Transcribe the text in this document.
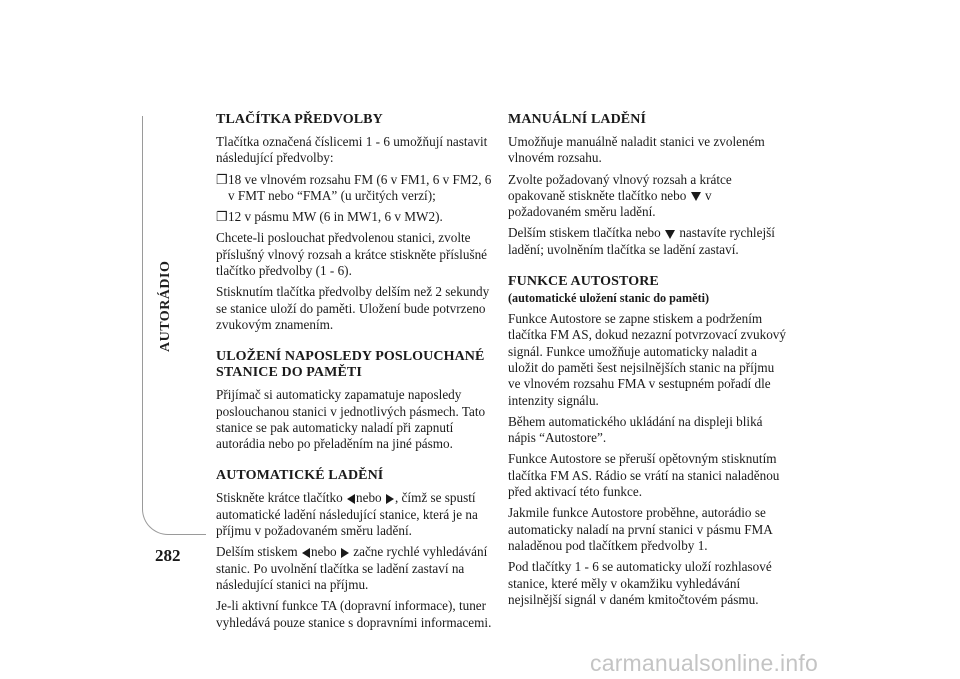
AUTORÁDIO
282
TLAČÍTKA PŘEDVOLBY

Tlačítka označená číslicemi 1 - 6 umožňují nastavit následující předvolby:

❐ 18 ve vlnovém rozsahu FM (6 v FM1, 6 v FM2, 6 v FMT nebo “FMA” (u určitých verzí);
❐ 12 v pásmu MW (6 in MW1, 6 v MW2).

Chcete-li poslouchat předvolenou stanici, zvolte příslušný vlnový rozsah a krátce stiskněte příslušné tlačítko předvolby (1 - 6).

Stisknutím tlačítka předvolby delším než 2 sekundy se stanice uloží do paměti. Uložení bude potvrzeno zvukovým znamením.

ULOŽENÍ NAPOSLEDY POSLOUCHANÉ
STANICE DO PAMĚTI

Přijímač si automaticky zapamatuje naposledy poslouchanou stanici v jednotlivých pásmech. Tato stanice se pak automaticky naladí při zapnutí autorádia nebo po přeladěním na jiné pásmo.

AUTOMATICKÉ LADĚNÍ

Stiskněte krátce tlačítko nebo , čímž se spustí automatické ladění následující stanice, která je na příjmu v požadovaném směru ladění.

Delším stiskem nebo  začne rychlé vyhledávání stanic. Po uvolnění tlačítka se ladění zastaví na následující stanici na příjmu.

Je-li aktivní funkce TA (dopravní informace), tuner vyhledává pouze stanice s dopravními informacemi.

MANUÁLNÍ LADĚNÍ

Umožňuje manuálně naladit stanici ve zvoleném vlnovém rozsahu.

Zvolte požadovaný vlnový rozsah a krátce opakovaně stiskněte tlačítko nebo  v požadovaném směru ladění.

Delším stiskem tlačítka nebo  nastavíte rychlejší ladění; uvolněním tlačítka se ladění zastaví.

FUNKCE AUTOSTORE
(automatické uložení stanic do paměti)

Funkce Autostore se zapne stiskem a podržením tlačítka FM AS, dokud nezazní potvrzovací zvukový signál. Funkce umožňuje automaticky naladit a uložit do paměti šest nejsilnějších stanic na příjmu ve vlnovém rozsahu FMA v sestupném pořadí dle intenzity signálu.

Během automatického ukládání na displeji bliká nápis “Autostore”.

Funkce Autostore se přeruší opětovným stisknutím tlačítka FM AS. Rádio se vrátí na stanici naladěnou před aktivací této funkce.

Jakmile funkce Autostore proběhne, autorádio se automaticky naladí na první stanici v pásmu FMA naladěnou pod tlačítkem předvolby 1.

Pod tlačítky 1 - 6 se automaticky uloží rozhlasové stanice, které měly v okamžiku vyhledávání nejsilnější signál v daném kmitočtovém pásmu.

carmanualsonline.info
